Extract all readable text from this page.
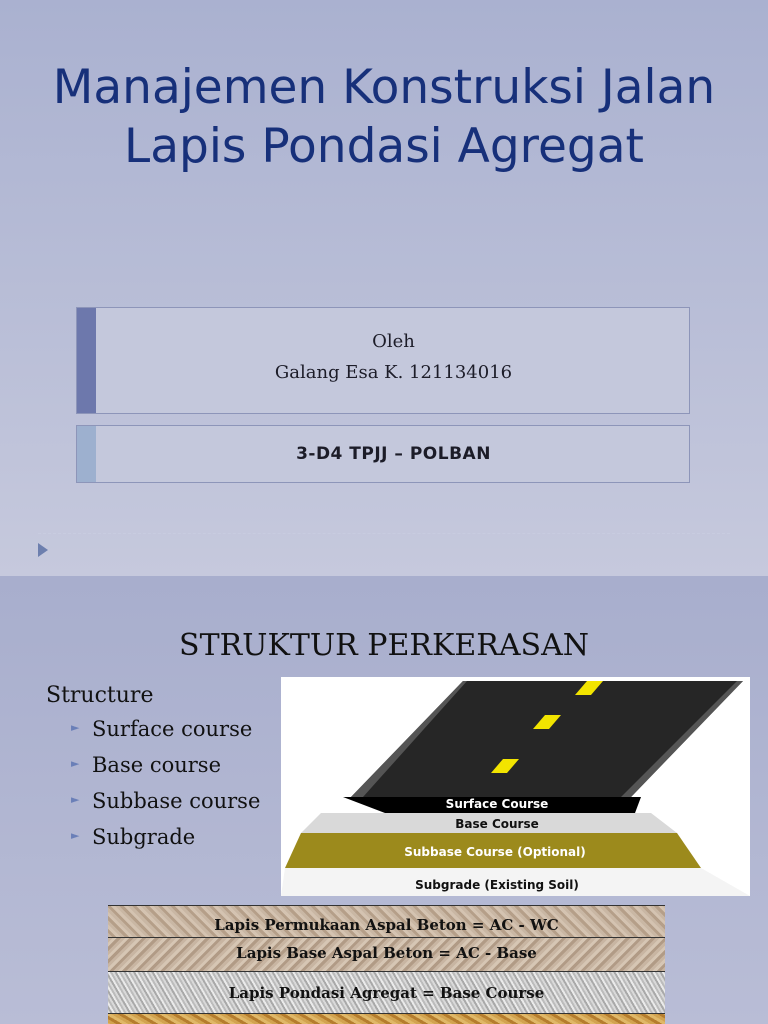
Manajemen Konstruksi Jalan
Lapis Pondasi Agregat
Oleh
Galang Esa K. 121134016
3-D4 TPJJ – POLBAN
STRUKTUR PERKERASAN
Structure
► Surface course
► Base course
► Subbase course
► Subgrade
Surface Course
Base Course
Subbase Course (Optional)
Subgrade (Existing Soil)
Lapis Permukaan Aspal Beton = AC - WC
Lapis Base Aspal Beton = AC - Base
Lapis Pondasi Agregat = Base Course
